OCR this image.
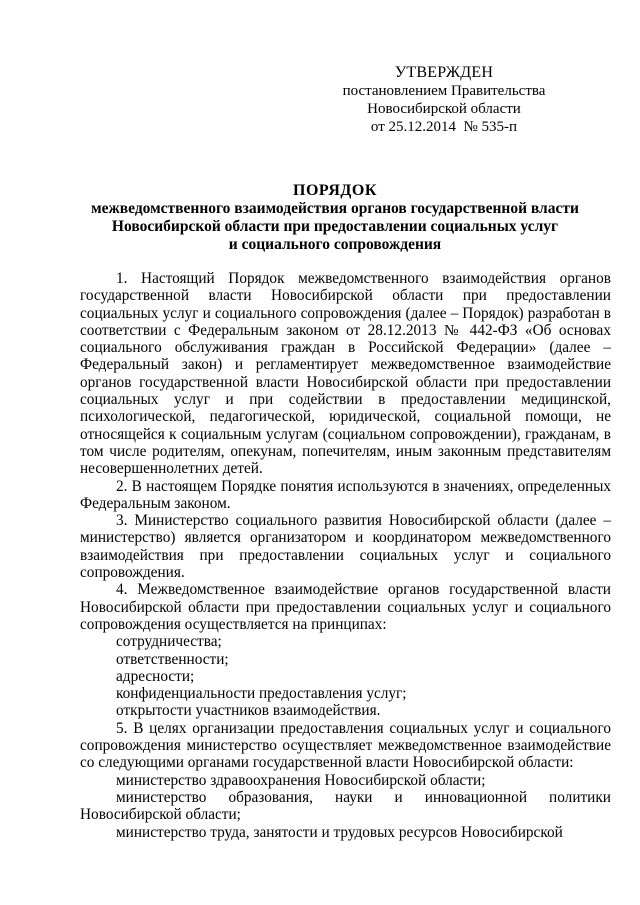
УТВЕРЖДЕН
постановлением Правительства
Новосибирской области
от 25.12.2014  № 535-п
ПОРЯДОК
межведомственного взаимодействия органов государственной власти
Новосибирской области при предоставлении социальных услуг
и социального сопровождения

1. Настоящий Порядок межведомственного взаимодействия органов государственной власти Новосибирской области при предоставлении социальных услуг и социального сопровождения (далее – Порядок) разработан в соответствии с Федеральным законом от 28.12.2013 № 442-ФЗ «Об основах социального обслуживания граждан в Российской Федерации» (далее – Федеральный закон) и регламентирует межведомственное взаимодействие органов государственной власти Новосибирской области при предоставлении социальных услуг и при содействии в предоставлении медицинской, психологической, педагогической, юридической, социальной помощи, не относящейся к социальным услугам (социальном сопровождении), гражданам, в том числе родителям, опекунам, попечителям, иным законным представителям несовершеннолетних детей.

2. В настоящем Порядке понятия используются в значениях, определенных Федеральным законом.

3. Министерство социального развития Новосибирской области (далее – министерство) является организатором и координатором межведомственного взаимодействия при предоставлении социальных услуг и социального сопровождения.

4. Межведомственное взаимодействие органов государственной власти Новосибирской области при предоставлении социальных услуг и социального сопровождения осуществляется на принципах:

сотрудничества;

ответственности;

адресности;

конфиденциальности предоставления услуг;

открытости участников взаимодействия.

5. В целях организации предоставления социальных услуг и социального сопровождения министерство осуществляет межведомственное взаимодействие со следующими органами государственной власти Новосибирской области:

министерство здравоохранения Новосибирской области;

министерство образования, науки и инновационной политики Новосибирской области;

министерство труда, занятости и трудовых ресурсов Новосибирской
